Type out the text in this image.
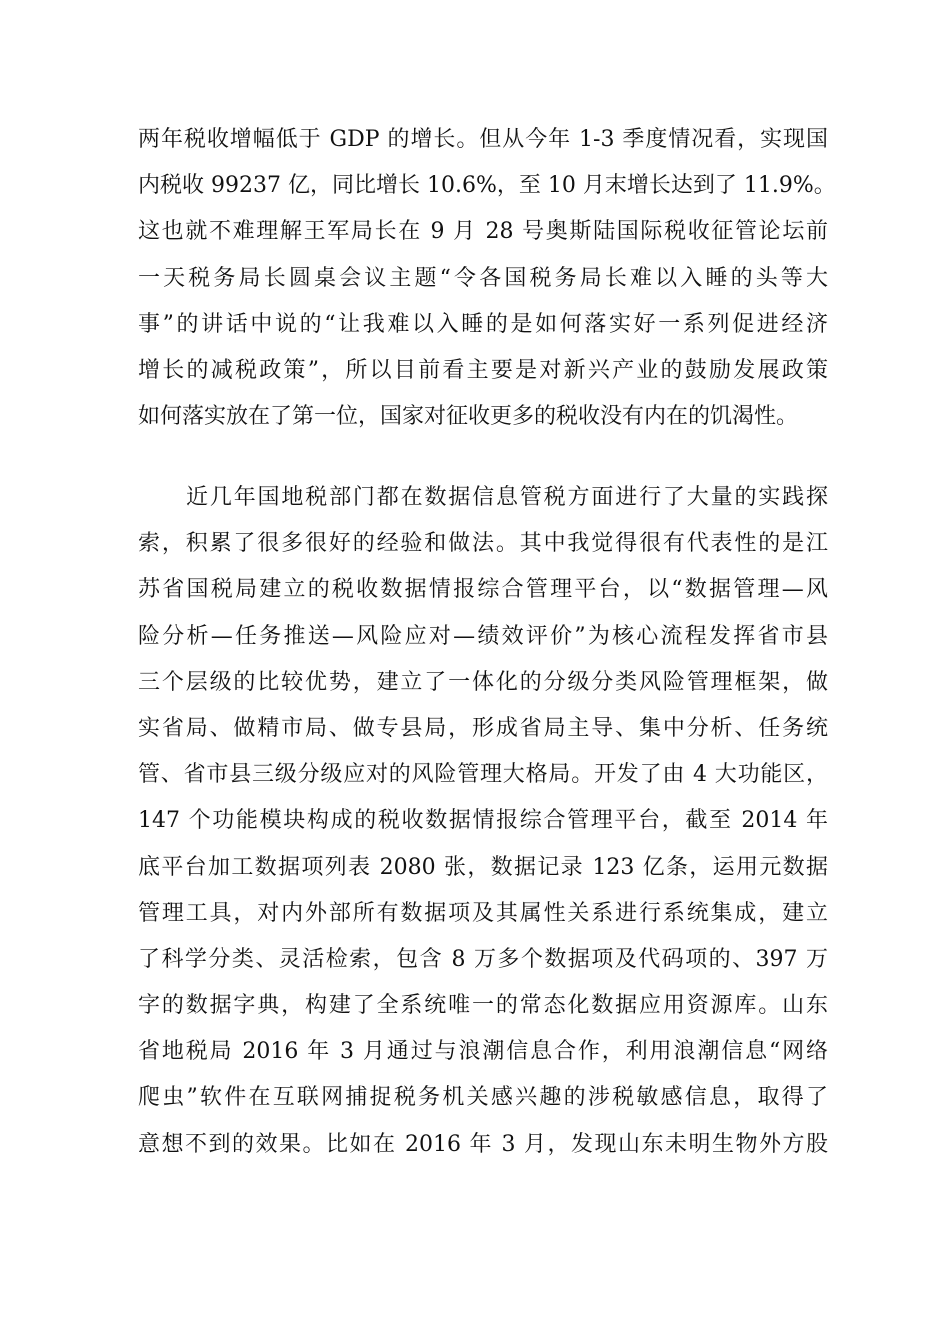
两年税收增幅低于 GDP 的增长。但从今年 1-3 季度情况看，实现国
内税收 99237 亿，同比增长 10.6%，至 10 月末增长达到了 11.9%。
这也就不难理解王军局长在 9 月 28 号奥斯陆国际税收征管论坛前
一天税务局长圆桌会议主题“令各国税务局长难以入睡的头等大
事”的讲话中说的“让我难以入睡的是如何落实好一系列促进经济
增长的减税政策”，所以目前看主要是对新兴产业的鼓励发展政策
如何落实放在了第一位，国家对征收更多的税收没有内在的饥渴性。
近几年国地税部门都在数据信息管税方面进行了大量的实践探
索，积累了很多很好的经验和做法。其中我觉得很有代表性的是江
苏省国税局建立的税收数据情报综合管理平台，以“数据管理—风
险分析—任务推送—风险应对—绩效评价”为核心流程发挥省市县
三个层级的比较优势，建立了一体化的分级分类风险管理框架，做
实省局、做精市局、做专县局，形成省局主导、集中分析、任务统
管、省市县三级分级应对的风险管理大格局。开发了由 4 大功能区，
147 个功能模块构成的税收数据情报综合管理平台，截至 2014 年
底平台加工数据项列表 2080 张，数据记录 123 亿条，运用元数据
管理工具，对内外部所有数据项及其属性关系进行系统集成，建立
了科学分类、灵活检索，包含 8 万多个数据项及代码项的、397 万
字的数据字典，构建了全系统唯一的常态化数据应用资源库。山东
省地税局 2016 年 3 月通过与浪潮信息合作，利用浪潮信息“网络
爬虫”软件在互联网捕捉税务机关感兴趣的涉税敏感信息，取得了
意想不到的效果。比如在 2016 年 3 月，发现山东未明生物外方股
